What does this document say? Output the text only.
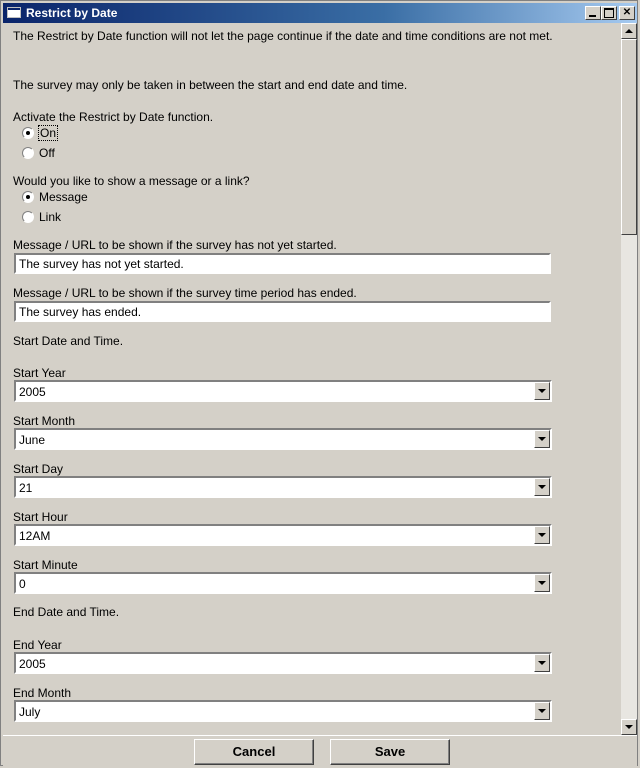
Restrict by Date	✕
The Restrict by Date function will not let the page continue if the date and time conditions are not met.
The survey may only be taken in between the start and end date and time.
Activate the Restrict by Date function.
On
Off
Would you like to show a message or a link?
Message
Link
Message / URL to be shown if the survey has not yet started.
The survey has not yet started.
Message / URL to be shown if the survey time period has ended.
The survey has ended.
Start Date and Time.
Start Year
2005
Start Month
June
Start Day
21
Start Hour
12AM
Start Minute
0
End Date and Time.
End Year
2005
End Month
July
Cancel	Save
